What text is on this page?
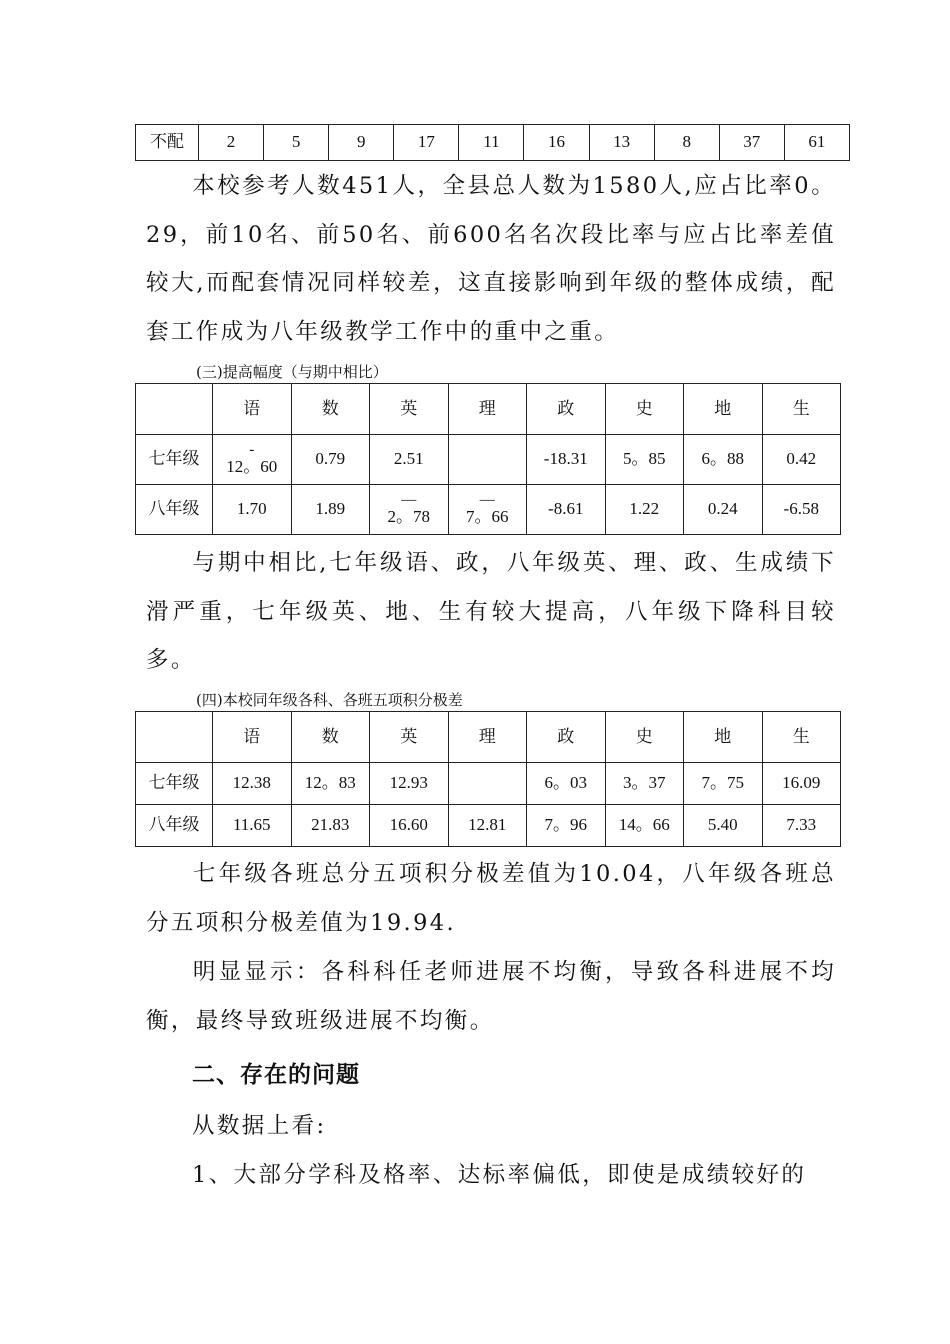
不配	2	5	9	17	11	16	13	8	37	61

本校参考人数451人，全县总人数为1580人,应占比率0。29，前10名、前50名、前600名名次段比率与应占比率差值较大,而配套情况同样较差，这直接影响到年级的整体成绩，配套工作成为八年级教学工作中的重中之重。

(三)提高幅度（与期中相比）

	语	数	英	理	政	史	地	生
七年级	-
12。60	0.79	2.51		-18.31	5。85	6。88	0.42
八年级	1.70	1.89	—
2。78	—
7。66	-8.61	1.22	0.24	-6.58

与期中相比,七年级语、政，八年级英、理、政、生成绩下滑严重，七年级英、地、生有较大提高，八年级下降科目较多。

(四)本校同年级各科、各班五项积分极差

	语	数	英	理	政	史	地	生
七年级	12.38	12。83	12.93		6。03	3。37	7。75	16.09
八年级	11.65	21.83	16.60	12.81	7。96	14。66	5.40	7.33

七年级各班总分五项积分极差值为10.04，八年级各班总分五项积分极差值为19.94.

明显显示：各科科任老师进展不均衡，导致各科进展不均衡，最终导致班级进展不均衡。

二、存在的问题

从数据上看:

1、大部分学科及格率、达标率偏低，即使是成绩较好的
